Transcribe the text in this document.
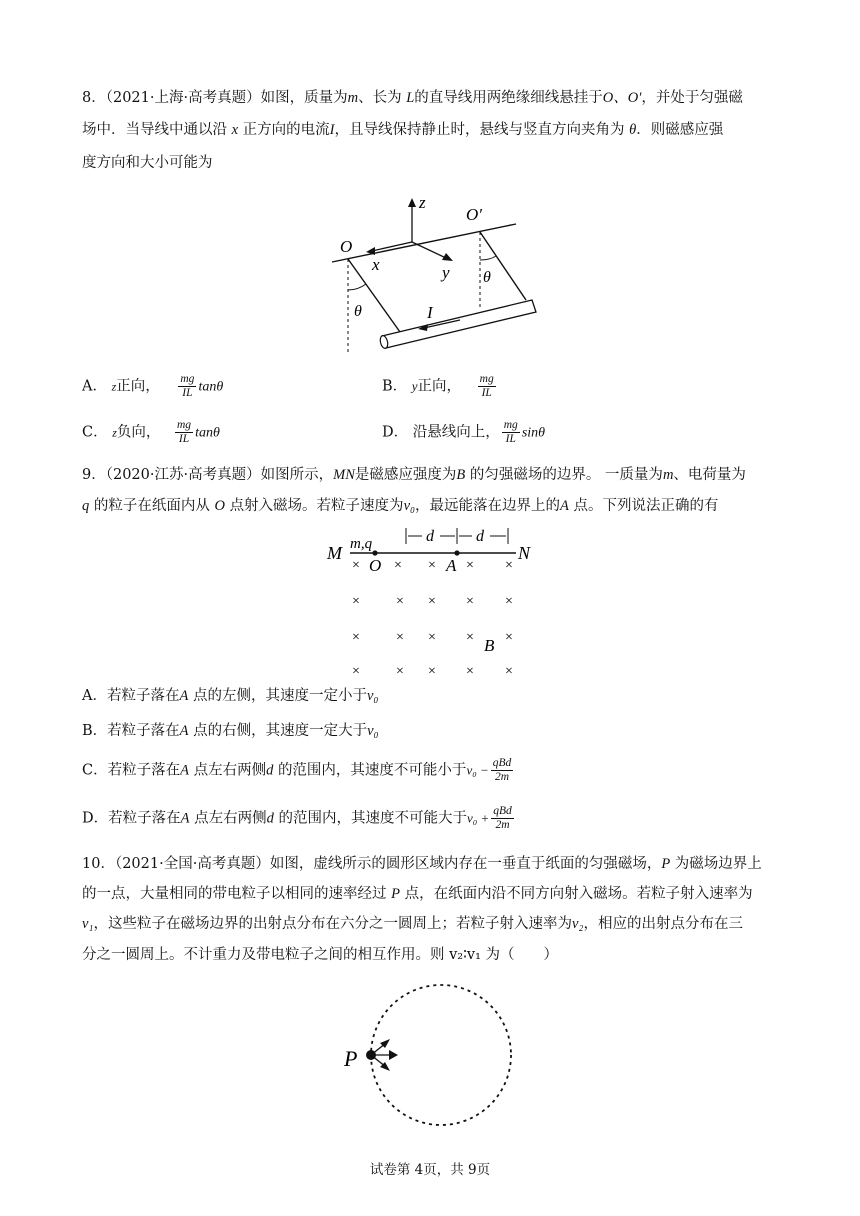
8．（2021·上海·高考真题）如图，质量为m、长为 L的直导线用两绝缘细线悬挂于O、O′，并处于匀强磁
场中．当导线中通以沿 x 正方向的电流I，且导线保持静止时，悬线与竖直方向夹角为 θ．则磁感应强
度方向和大小可能为
z
O
O′
x	y θ
θ	I
A． z正向， $\frac{mg}{IL}$ tanθ	B． y正向， $\frac{mg}{IL}$
C． z负向， $\frac{mg}{IL}$ tanθ	D． 沿悬线向上， $\frac{mg}{IL}$ sinθ
9．（2020·江苏·高考真题）如图所示，MN是磁感应强度为B 的匀强磁场的边界。 一质量为m、电荷量为
q 的粒子在纸面内从 O 点射入磁场。若粒子速度为v₀，最远能落在边界上的A 点。下列说法正确的有
d	d
M	N
m,q
O	A
B
× × × ×
×	× × × ×
×	× × × ×
×	× × × ×
×
A．若粒子落在A 点的左侧，其速度一定小于v₀
B．若粒子落在A 点的右侧，其速度一定大于v₀
C．若粒子落在A 点左右两侧d 的范围内，其速度不可能小于$v_0 - \frac{\text{qBd}}{2m}$
D．若粒子落在A 点左右两侧d 的范围内，其速度不可能大于$v_0 + \frac{\text{qBd}}{2m}$
10．（2021·全国·高考真题）如图，虚线所示的圆形区域内存在一垂直于纸面的匀强磁场，P 为磁场边界上
的一点，大量相同的带电粒子以相同的速率经过 P 点，在纸面内沿不同方向射入磁场。若粒子射入速率为
v₁，这些粒子在磁场边界的出射点分布在六分之一圆周上；若粒子射入速率为v₂，相应的出射点分布在三
分之一圆周上。不计重力及带电粒子之间的相互作用。则 v₂∶v₁ 为（　　）
P
试卷第 4页，共 9页
